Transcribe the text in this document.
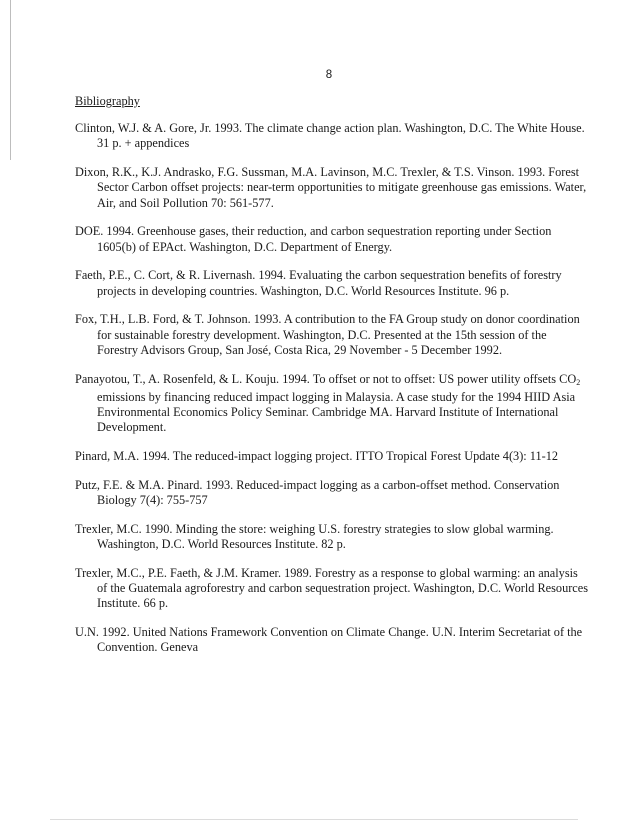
8
Bibliography

Clinton, W.J. & A. Gore, Jr. 1993. The climate change action plan. Washington, D.C. The White House. 31 p. + appendices

Dixon, R.K., K.J. Andrasko, F.G. Sussman, M.A. Lavinson, M.C. Trexler, & T.S. Vinson. 1993. Forest Sector Carbon offset projects: near-term opportunities to mitigate greenhouse gas emissions. Water, Air, and Soil Pollution 70: 561-577.

DOE. 1994. Greenhouse gases, their reduction, and carbon sequestration reporting under Section 1605(b) of EPAct. Washington, D.C. Department of Energy.

Faeth, P.E., C. Cort, & R. Livernash. 1994. Evaluating the carbon sequestration benefits of forestry projects in developing countries. Washington, D.C. World Resources Institute. 96 p.

Fox, T.H., L.B. Ford, & T. Johnson. 1993. A contribution to the FA Group study on donor coordination for sustainable forestry development. Washington, D.C. Presented at the 15th session of the Forestry Advisors Group, San José, Costa Rica, 29 November - 5 December 1992.

Panayotou, T., A. Rosenfeld, & L. Kouju. 1994. To offset or not to offset: US power utility offsets $CO_2$ emissions by financing reduced impact logging in Malaysia. A case study for the 1994 HIID Asia Environmental Economics Policy Seminar. Cambridge MA. Harvard Institute of International Development.

Pinard, M.A. 1994. The reduced-impact logging project. ITTO Tropical Forest Update 4(3): 11-12

Putz, F.E. & M.A. Pinard. 1993. Reduced-impact logging as a carbon-offset method. Conservation Biology 7(4): 755-757

Trexler, M.C. 1990. Minding the store: weighing U.S. forestry strategies to slow global warming. Washington, D.C. World Resources Institute. 82 p.

Trexler, M.C., P.E. Faeth, & J.M. Kramer. 1989. Forestry as a response to global warming: an analysis of the Guatemala agroforestry and carbon sequestration project. Washington, D.C. World Resources Institute. 66 p.

U.N. 1992. United Nations Framework Convention on Climate Change. U.N. Interim Secretariat of the Convention. Geneva
